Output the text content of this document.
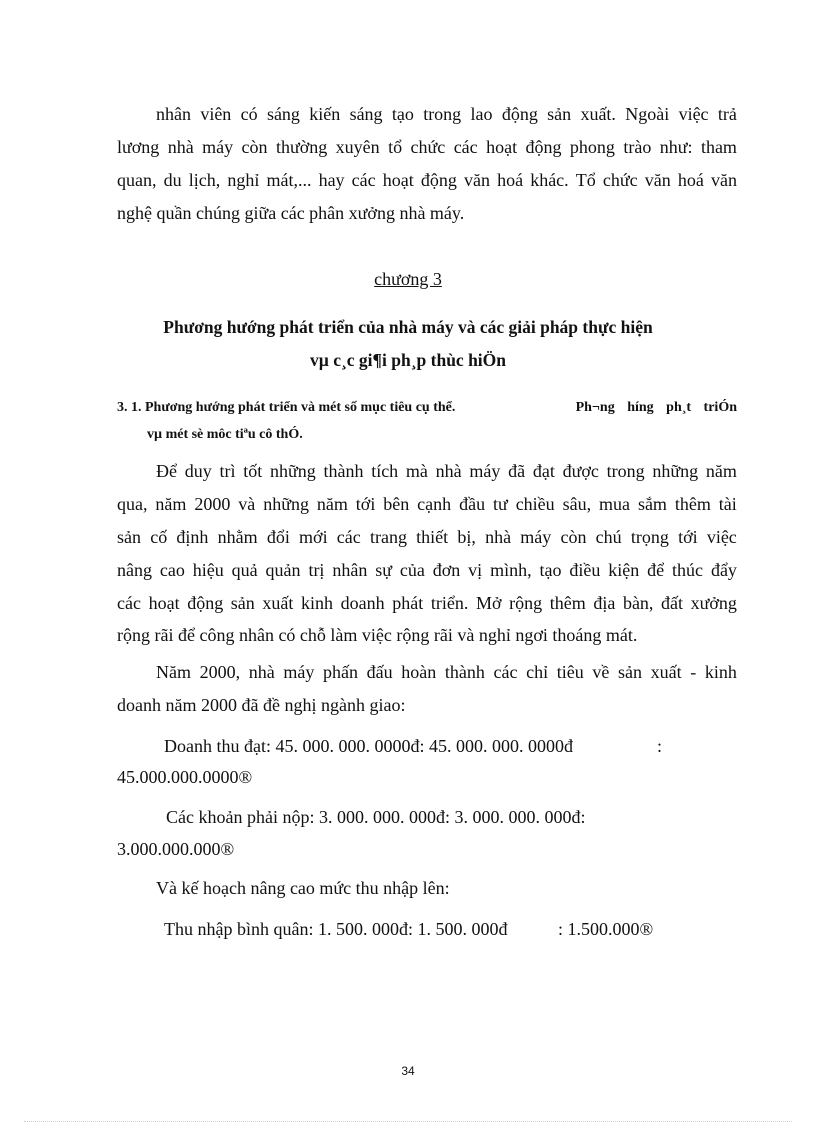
nhân viên có sáng kiến sáng tạo trong lao động sản xuất. Ngoài việc trả
lương nhà máy còn thường xuyên tổ chức các hoạt động phong trào như: tham
quan, du lịch, nghỉ mát,... hay các hoạt động văn hoá khác. Tổ chức văn hoá văn
nghệ quần chúng giữa các phân xưởng nhà máy.
chương 3
Phương hướng phát triển của nhà máy và các giải pháp thực hiện
vµ c¸c gi¶i ph¸p thùc hiÖn
3. 1. Phương hướng phát triển và mét số mục tiêu cụ thể.	Ph¬ng híng ph¸t triÓn
vµ mét sè môc tiªu cô thÓ.
Để duy trì tốt những thành tích mà nhà máy đã đạt được trong những năm
qua, năm 2000 và những năm tới bên cạnh đầu tư chiều sâu, mua sắm thêm tài
sản cố định nhằm đổi mới các trang thiết bị, nhà máy còn chú trọng tới việc
nâng cao hiệu quả quản trị nhân sự của đơn vị mình, tạo điều kiện để thúc đẩy
các hoạt động sản xuất kinh doanh phát triển. Mở rộng thêm địa bàn, đất xưởng
rộng rãi để công nhân có chỗ làm việc rộng rãi và nghỉ ngơi thoáng mát.
Năm 2000, nhà máy phấn đấu hoàn thành các chỉ tiêu về sản xuất - kinh
doanh năm 2000 đã đề nghị ngành giao:
Doanh thu đạt: 45. 000. 000. 0000đ: 45. 000. 000. 0000đ	:
45.000.000.0000®
Các khoản phải nộp: 3. 000. 000. 000đ: 3. 000. 000. 000đ:
3.000.000.000®
Và kế hoạch nâng cao mức thu nhập lên:
Thu nhập bình quân: 1. 500. 000đ: 1. 500. 000đ	: 1.500.000®
34
